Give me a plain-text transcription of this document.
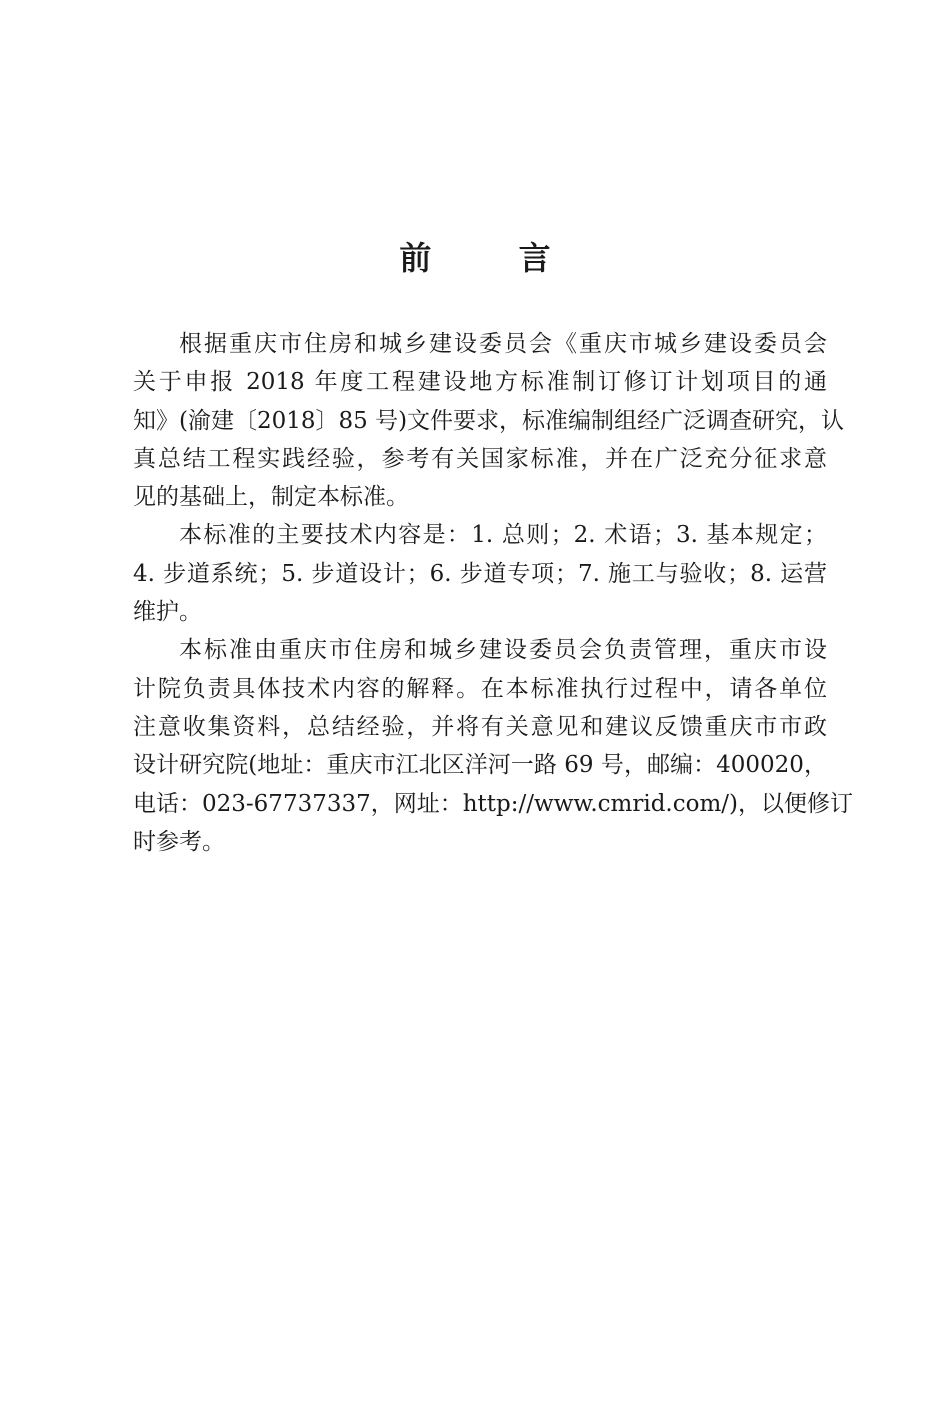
前 言

根据重庆市住房和城乡建设委员会《重庆市城乡建设委员会
关于申报 2018 年度工程建设地方标准制订修订计划项目的通
知》(渝建〔2018〕85 号)文件要求，标准编制组经广泛调查研究，认
真总结工程实践经验，参考有关国家标准，并在广泛充分征求意
见的基础上，制定本标准。

本标准的主要技术内容是：1. 总则；2. 术语；3. 基本规定；
4. 步道系统；5. 步道设计；6. 步道专项；7. 施工与验收；8. 运营
维护。

本标准由重庆市住房和城乡建设委员会负责管理，重庆市设
计院负责具体技术内容的解释。在本标准执行过程中，请各单位
注意收集资料，总结经验，并将有关意见和建议反馈重庆市市政
设计研究院(地址：重庆市江北区洋河一路 69 号，邮编：400020，
电话：023-67737337，网址：http://www.cmrid.com/)，以便修订
时参考。
